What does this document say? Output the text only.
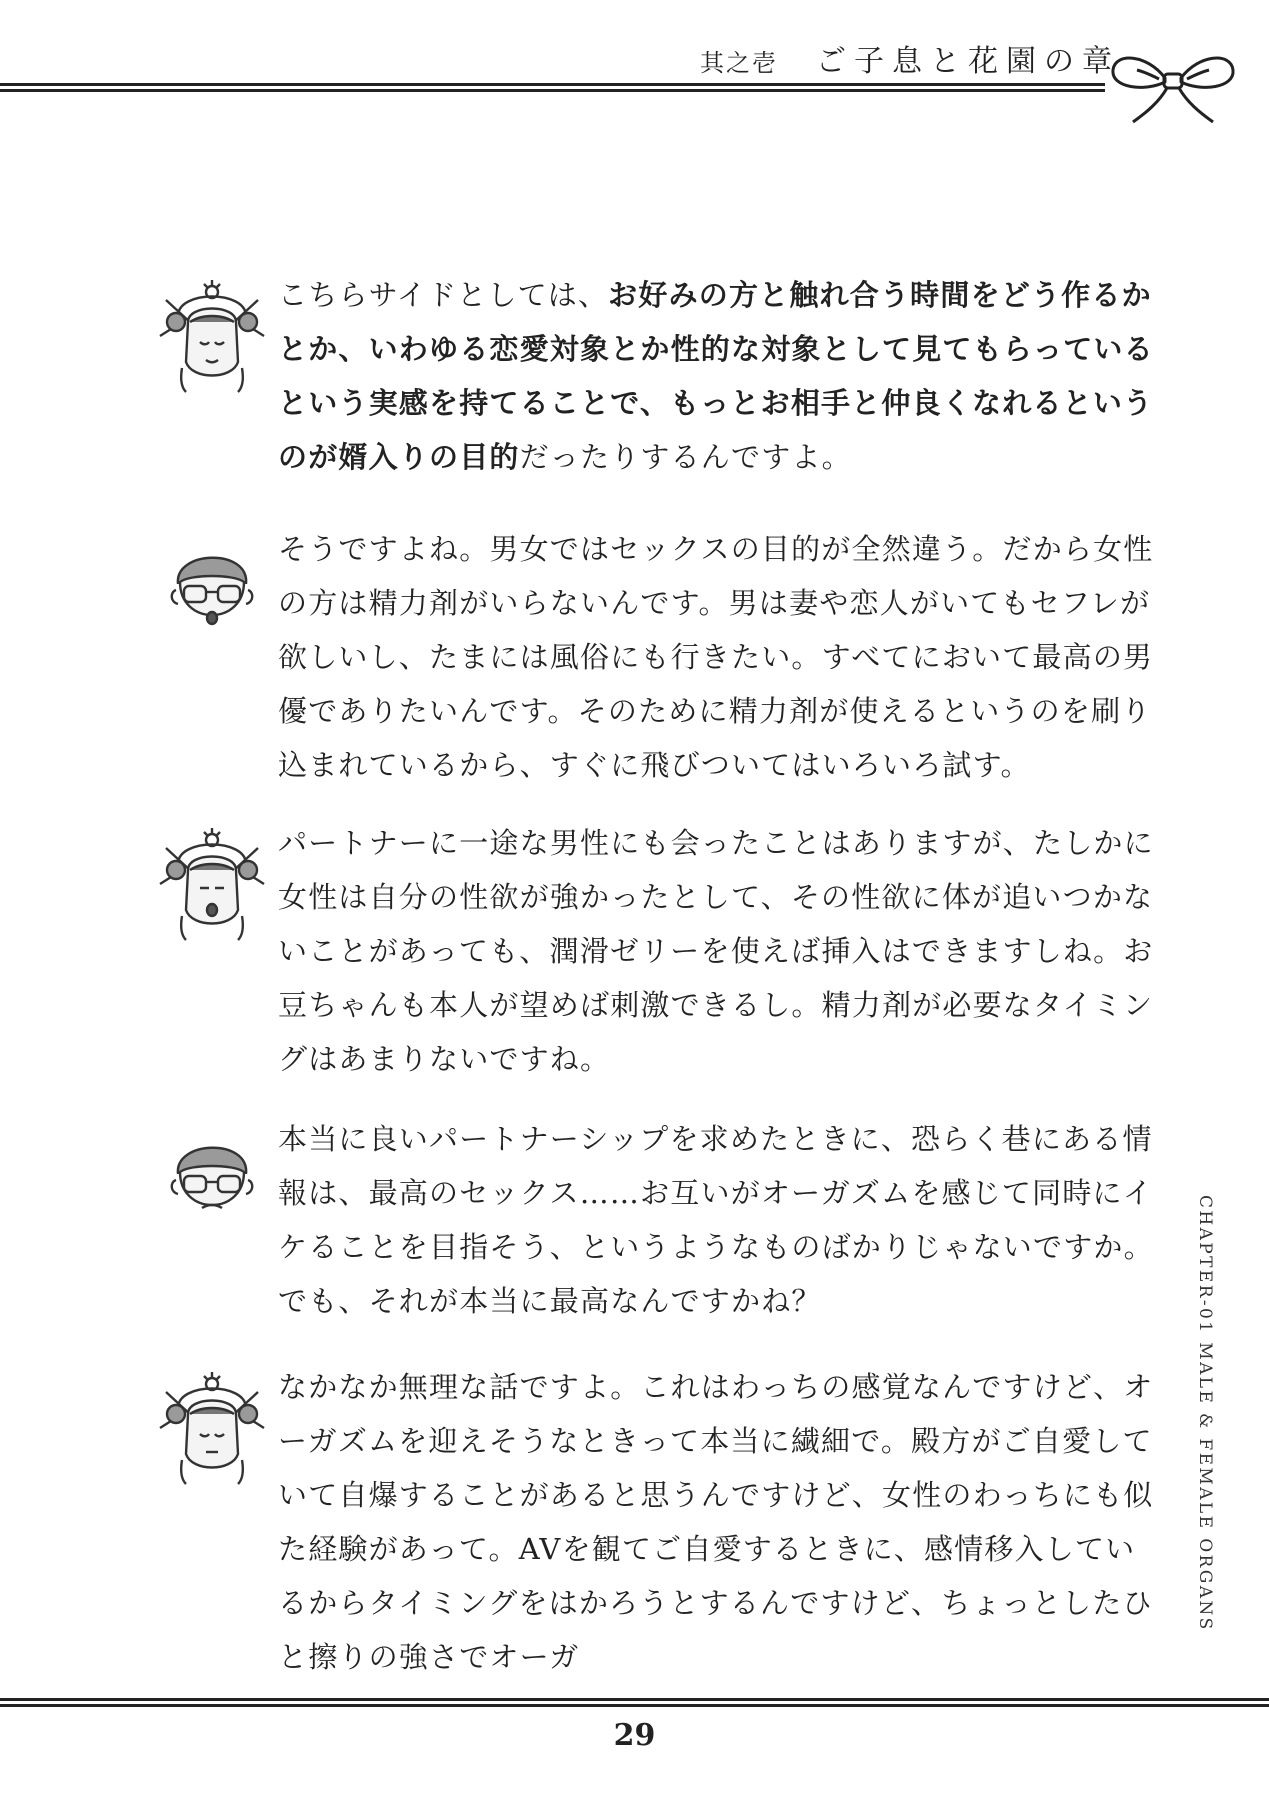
其之壱 ご子息と花園の章
こちらサイドとしては、お好みの方と触れ合う時間をどう作るかとか、いわゆる恋愛対象とか性的な対象として見てもらっているという実感を持てることで、もっとお相手と仲良くなれるというのが婿入りの目的だったりするんですよ。
そうですよね。男女ではセックスの目的が全然違う。だから女性の方は精力剤がいらないんです。男は妻や恋人がいてもセフレが欲しいし、たまには風俗にも行きたい。すべてにおいて最高の男優でありたいんです。そのために精力剤が使えるというのを刷り込まれているから、すぐに飛びついてはいろいろ試す。
パートナーに一途な男性にも会ったことはありますが、たしかに女性は自分の性欲が強かったとして、その性欲に体が追いつかないことがあっても、潤滑ゼリーを使えば挿入はできますしね。お豆ちゃんも本人が望めば刺激できるし。精力剤が必要なタイミングはあまりないですね。
本当に良いパートナーシップを求めたときに、恐らく巷にある情報は、最高のセックス……お互いがオーガズムを感じて同時にイケることを目指そう、というようなものばかりじゃないですか。でも、それが本当に最高なんですかね？
なかなか無理な話ですよ。これはわっちの感覚なんですけど、オーガズムを迎えそうなときって本当に繊細で。殿方がご自愛していて自爆することがあると思うんですけど、女性のわっちにも似た経験があって。AVを観てご自愛するときに、感情移入しているからタイミングをはかろうとするんですけど、ちょっとしたひと擦りの強さでオーガ
CHAPTER-01 MALE & FEMALE ORGANS
29
